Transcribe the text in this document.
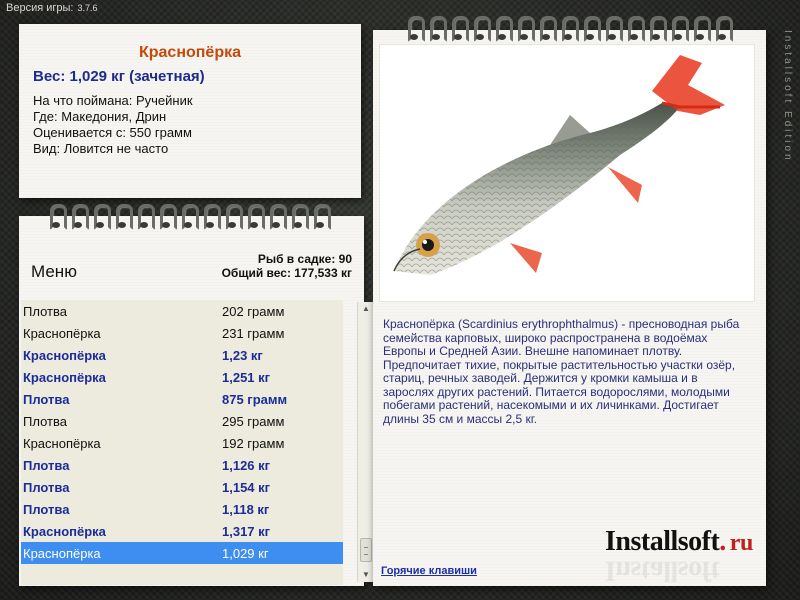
Версия игры: 3.7.6
Installsoft Edition
Краснопёрка
Вес: 1,029 кг (зачетная)
На что поймана: Ручейник
Где: Македония, Дрин
Оценивается с: 550 грамм
Вид: Ловится не часто
Рыб в садке: 90
Общий вес: 177,533 кг
Меню
Плотва	202 грамм
Краснопёрка	231 грамм
Краснопёрка	1,23 кг
Краснопёрка	1,251 кг
Плотва	875 грамм
Плотва	295 грамм
Краснопёрка	192 грамм
Плотва	1,126 кг
Плотва	1,154 кг
Плотва	1,118 кг
Краснопёрка	1,317 кг
Краснопёрка	1,029 кг
▲
▼
Краснопёрка (Scardinius erythrophthalmus) - пресноводная рыба семейства карповых, широко распространена в водоёмах Европы и Средней Азии. Внешне напоминает плотву. Предпочитает тихие, покрытые растительностью участки озёр, стариц, речных заводей. Держится у кромки камыша и в зарослях других растений. Питается водорослями, молодыми побегами растений, насекомыми и их личинками. Достигает длины 35 см и массы 2,5 кг.
Installsoft. ru
Installsoft
Горячие клавиши
